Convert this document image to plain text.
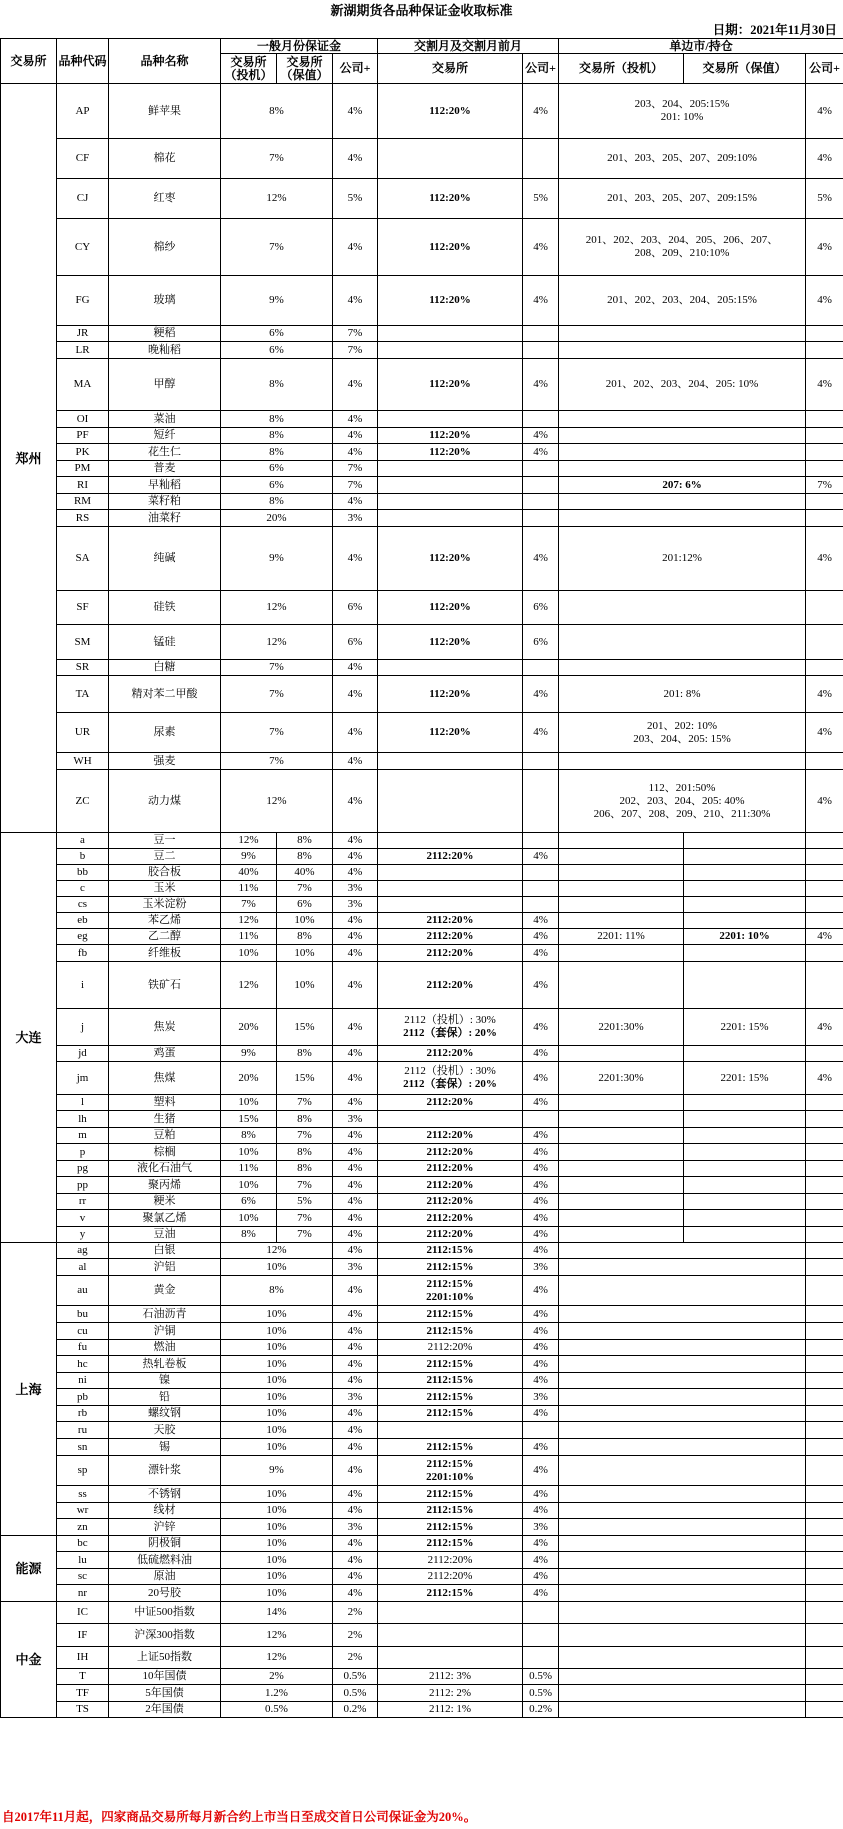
新湖期货各品种保证金收取标准
日期：2021年11月30日
交易所	品种代码	品种名称	一般月份保证金			交割月及交割月前月		单边市/持仓		
			交易所（投机）	交易所（保值）	公司+	交易所	公司+	交易所（投机）	交易所（保值）	公司+

郑州	AP	鲜苹果	8%		4%	112:20%	4%	203、204、205:15%
201: 10%		4%
	CF	棉花	7%		4%			201、203、205、207、209:10%		4%
	CJ	红枣	12%		5%	112:20%	5%	201、203、205、207、209:15%		5%
	CY	棉纱	7%		4%	112:20%	4%	201、202、203、204、205、206、207、
208、209、210:10%		4%
	FG	玻璃	9%		4%	112:20%	4%	201、202、203、204、205:15%		4%
	JR	粳稻	6%		7%					
	LR	晚籼稻	6%		7%					
	MA	甲醇	8%		4%	112:20%	4%	201、202、203、204、205: 10%		4%
	OI	菜油	8%		4%					
	PF	短纤	8%		4%	112:20%	4%			
	PK	花生仁	8%		4%	112:20%	4%			
	PM	普麦	6%		7%					
	RI	早籼稻	6%		7%			207: 6%		7%
	RM	菜籽粕	8%		4%					
	RS	油菜籽	20%		3%					
	SA	纯碱	9%		4%	112:20%	4%	201:12%		4%
	SF	硅铁	12%		6%	112:20%	6%			
	SM	锰硅	12%		6%	112:20%	6%			
	SR	白糖	7%		4%					
	TA	精对苯二甲酸	7%		4%	112:20%	4%	201: 8%		4%
	UR	尿素	7%		4%	112:20%	4%	201、202: 10%
203、204、205: 15%		4%
	WH	强麦	7%		4%					
	ZC	动力煤	12%		4%			112、201:50%
202、203、204、205: 40%
206、207、208、209、210、211:30%		4%
大连	a	豆一	12%	8%	4%					
	b	豆二	9%	8%	4%	2112:20%	4%			
	bb	胶合板	40%	40%	4%					
	c	玉米	11%	7%	3%					
	cs	玉米淀粉	7%	6%	3%					
	eb	苯乙烯	12%	10%	4%	2112:20%	4%			
	eg	乙二醇	11%	8%	4%	2112:20%	4%	2201: 11%	2201: 10%	4%
	fb	纤维板	10%	10%	4%	2112:20%	4%			
	i	铁矿石	12%	10%	4%	2112:20%	4%			
	j	焦炭	20%	15%	4%	2112（投机）: 30%
2112（套保）: 20%	4%	2201:30%	2201: 15%	4%
	jd	鸡蛋	9%	8%	4%	2112:20%	4%			
	jm	焦煤	20%	15%	4%	2112（投机）: 30%
2112（套保）: 20%	4%	2201:30%	2201: 15%	4%
	l	塑料	10%	7%	4%	2112:20%	4%			
	lh	生猪	15%	8%	3%					
	m	豆粕	8%	7%	4%	2112:20%	4%			
	p	棕榈	10%	8%	4%	2112:20%	4%			
	pg	液化石油气	11%	8%	4%	2112:20%	4%			
	pp	聚丙烯	10%	7%	4%	2112:20%	4%			
	rr	粳米	6%	5%	4%	2112:20%	4%			
	v	聚氯乙烯	10%	7%	4%	2112:20%	4%			
	y	豆油	8%	7%	4%	2112:20%	4%			
上海	ag	白银	12%		4%	2112:15%	4%			
	al	沪铝	10%		3%	2112:15%	3%			
	au	黄金	8%		4%	2112:15%
2201:10%	4%			
	bu	石油沥青	10%		4%	2112:15%	4%			
	cu	沪铜	10%		4%	2112:15%	4%			
	fu	燃油	10%		4%	2112:20%	4%			
	hc	热轧卷板	10%		4%	2112:15%	4%			
	ni	镍	10%		4%	2112:15%	4%			
	pb	铅	10%		3%	2112:15%	3%			
	rb	螺纹钢	10%		4%	2112:15%	4%			
	ru	天胶	10%		4%					
	sn	锡	10%		4%	2112:15%	4%			
	sp	漂针浆	9%		4%	2112:15%
2201:10%	4%			
	ss	不锈钢	10%		4%	2112:15%	4%			
	wr	线材	10%		4%	2112:15%	4%			
	zn	沪锌	10%		3%	2112:15%	3%			
能源	bc	阴极铜	10%		4%	2112:15%	4%			
	lu	低硫燃料油	10%		4%	2112:20%	4%			
	sc	原油	10%		4%	2112:20%	4%			
	nr	20号胶	10%		4%	2112:15%	4%			
中金	IC	中证500指数	14%		2%					
	IF	沪深300指数	12%		2%					
	IH	上证50指数	12%		2%					
	T	10年国债	2%		0.5%	2112: 3%	0.5%			
	TF	5年国债	1.2%		0.5%	2112: 2%	0.5%			
	TS	2年国债	0.5%		0.2%	2112: 1%	0.2%			
自2017年11月起，四家商品交易所每月新合约上市当日至成交首日公司保证金为20%。
